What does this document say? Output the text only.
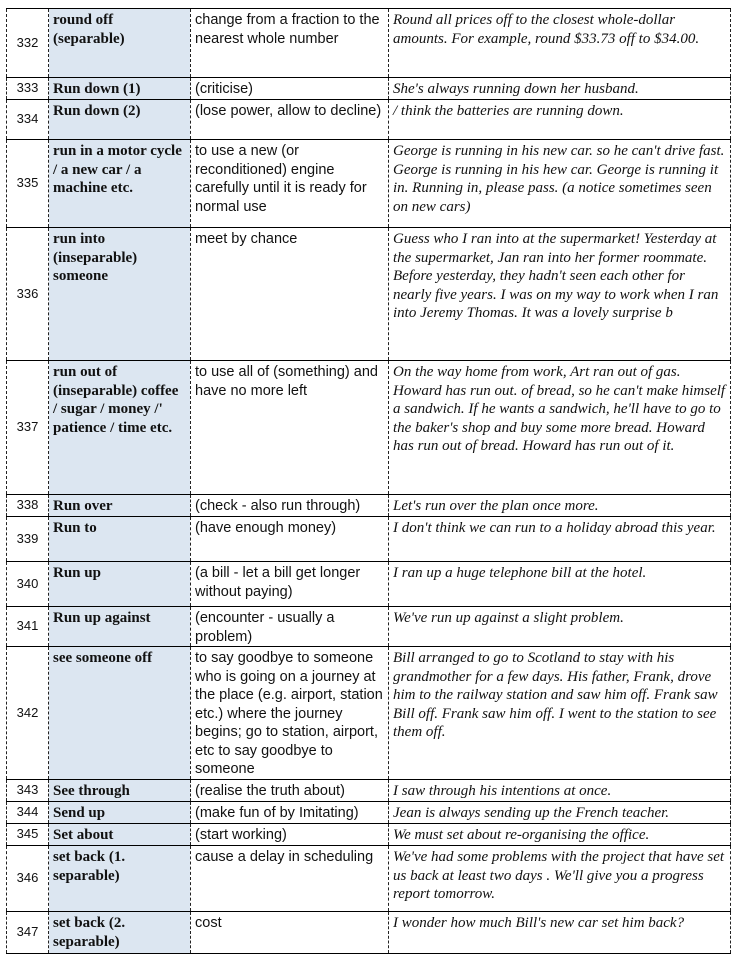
332	round off (separable)	change from a fraction to the nearest whole number	Round all prices off to the closest whole-dollar amounts. For example, round $33.73 off to $34.00.
333	Run down (1)	(criticise)	She's always running down her husband.
334	Run down (2)	(lose power, allow to decline)	/ think the batteries are running down.
335	run in a motor cycle / a new car / a machine etc.	to use a new (or reconditioned) engine carefully until it is ready for normal use	George is running in his new car. so he can't drive fast. George is running in his hew car. George is running it in. Running in, please pass. (a notice sometimes seen on new cars)
336	run into (inseparable) someone	meet by chance	Guess who I ran into at the supermarket! Yesterday at the supermarket, Jan ran into her former roommate. Before yesterday, they hadn't seen each other for nearly five years. I was on my way to work when I ran into Jeremy Thomas. It was a lovely surprise b
337	run out of (inseparable) coffee / sugar / money /' patience / time etc.	to use all of (something) and have no more left	On the way home from work, Art ran out of gas. Howard has run out. of bread, so he can't make himself a sandwich. If he wants a sandwich, he'll have to go to the baker's shop and buy some more bread. Howard has run out of bread. Howard has run out of it.
338	Run over	(check - also run through)	Let's run over the plan once more.
339	Run to	(have enough money)	I don't think we can run to a holiday abroad this year.
340	Run up	(a bill - let a bill get longer without paying)	I ran up a huge telephone bill at the hotel.
341	Run up against	(encounter - usually a problem)	We've run up against a slight problem.
342	see someone off	to say goodbye to someone who is going on a journey at the place (e.g. airport, station etc.) where the journey begins; go to station, airport, etc to say goodbye to someone	Bill arranged to go to Scotland to stay with his grandmother for a few days. His father, Frank, drove him to the railway station and saw him off. Frank saw Bill off. Frank saw him off. I went to the station to see them off.
343	See through	(realise the truth about)	I saw through his intentions at once.
344	Send up	(make fun of by Imitating)	Jean is always sending up the French teacher.
345	Set about	(start working)	We must set about re-organising the office.
346	set back (1. separable)	cause a delay in scheduling	We've had some problems with the project that have set us back at least two days . We'll give you a progress report tomorrow.
347	set back (2. separable)	cost	I wonder how much Bill's new car set him back?
